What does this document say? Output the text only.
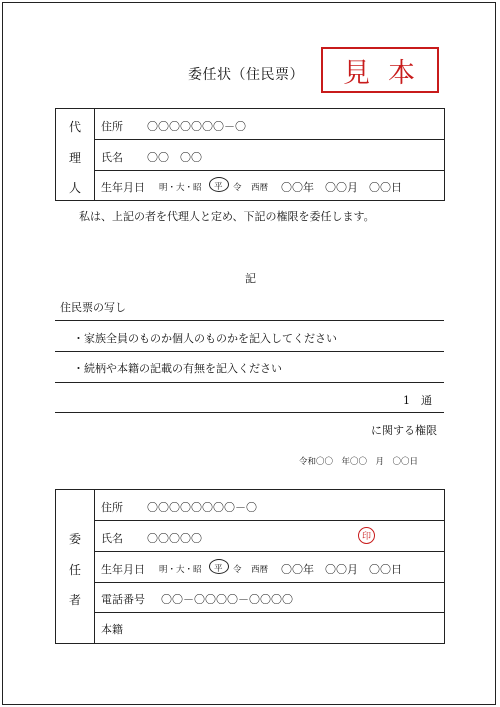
委任状（住民票）	見本
代
理
人
住所 〇〇〇〇〇〇〇－〇
氏名 〇〇　〇〇
生年月日 明・大・昭 平 令 西暦 〇〇年　〇〇月　〇〇日
私は、上記の者を代理人と定め、下記の権限を委任します。
記
住民票の写し
・家族全員のものか個人のものかを記入してください
・続柄や本籍の記載の有無を記入ください
1　通
に関する権限
令和〇〇　年〇〇　月　〇〇日
委
任
者
住所 〇〇〇〇〇〇〇〇－〇
氏名 〇〇〇〇〇	印
生年月日 明・大・昭 平 令 西暦 〇〇年　〇〇月　〇〇日
電話番号 〇〇－〇〇〇〇－〇〇〇〇
本籍
